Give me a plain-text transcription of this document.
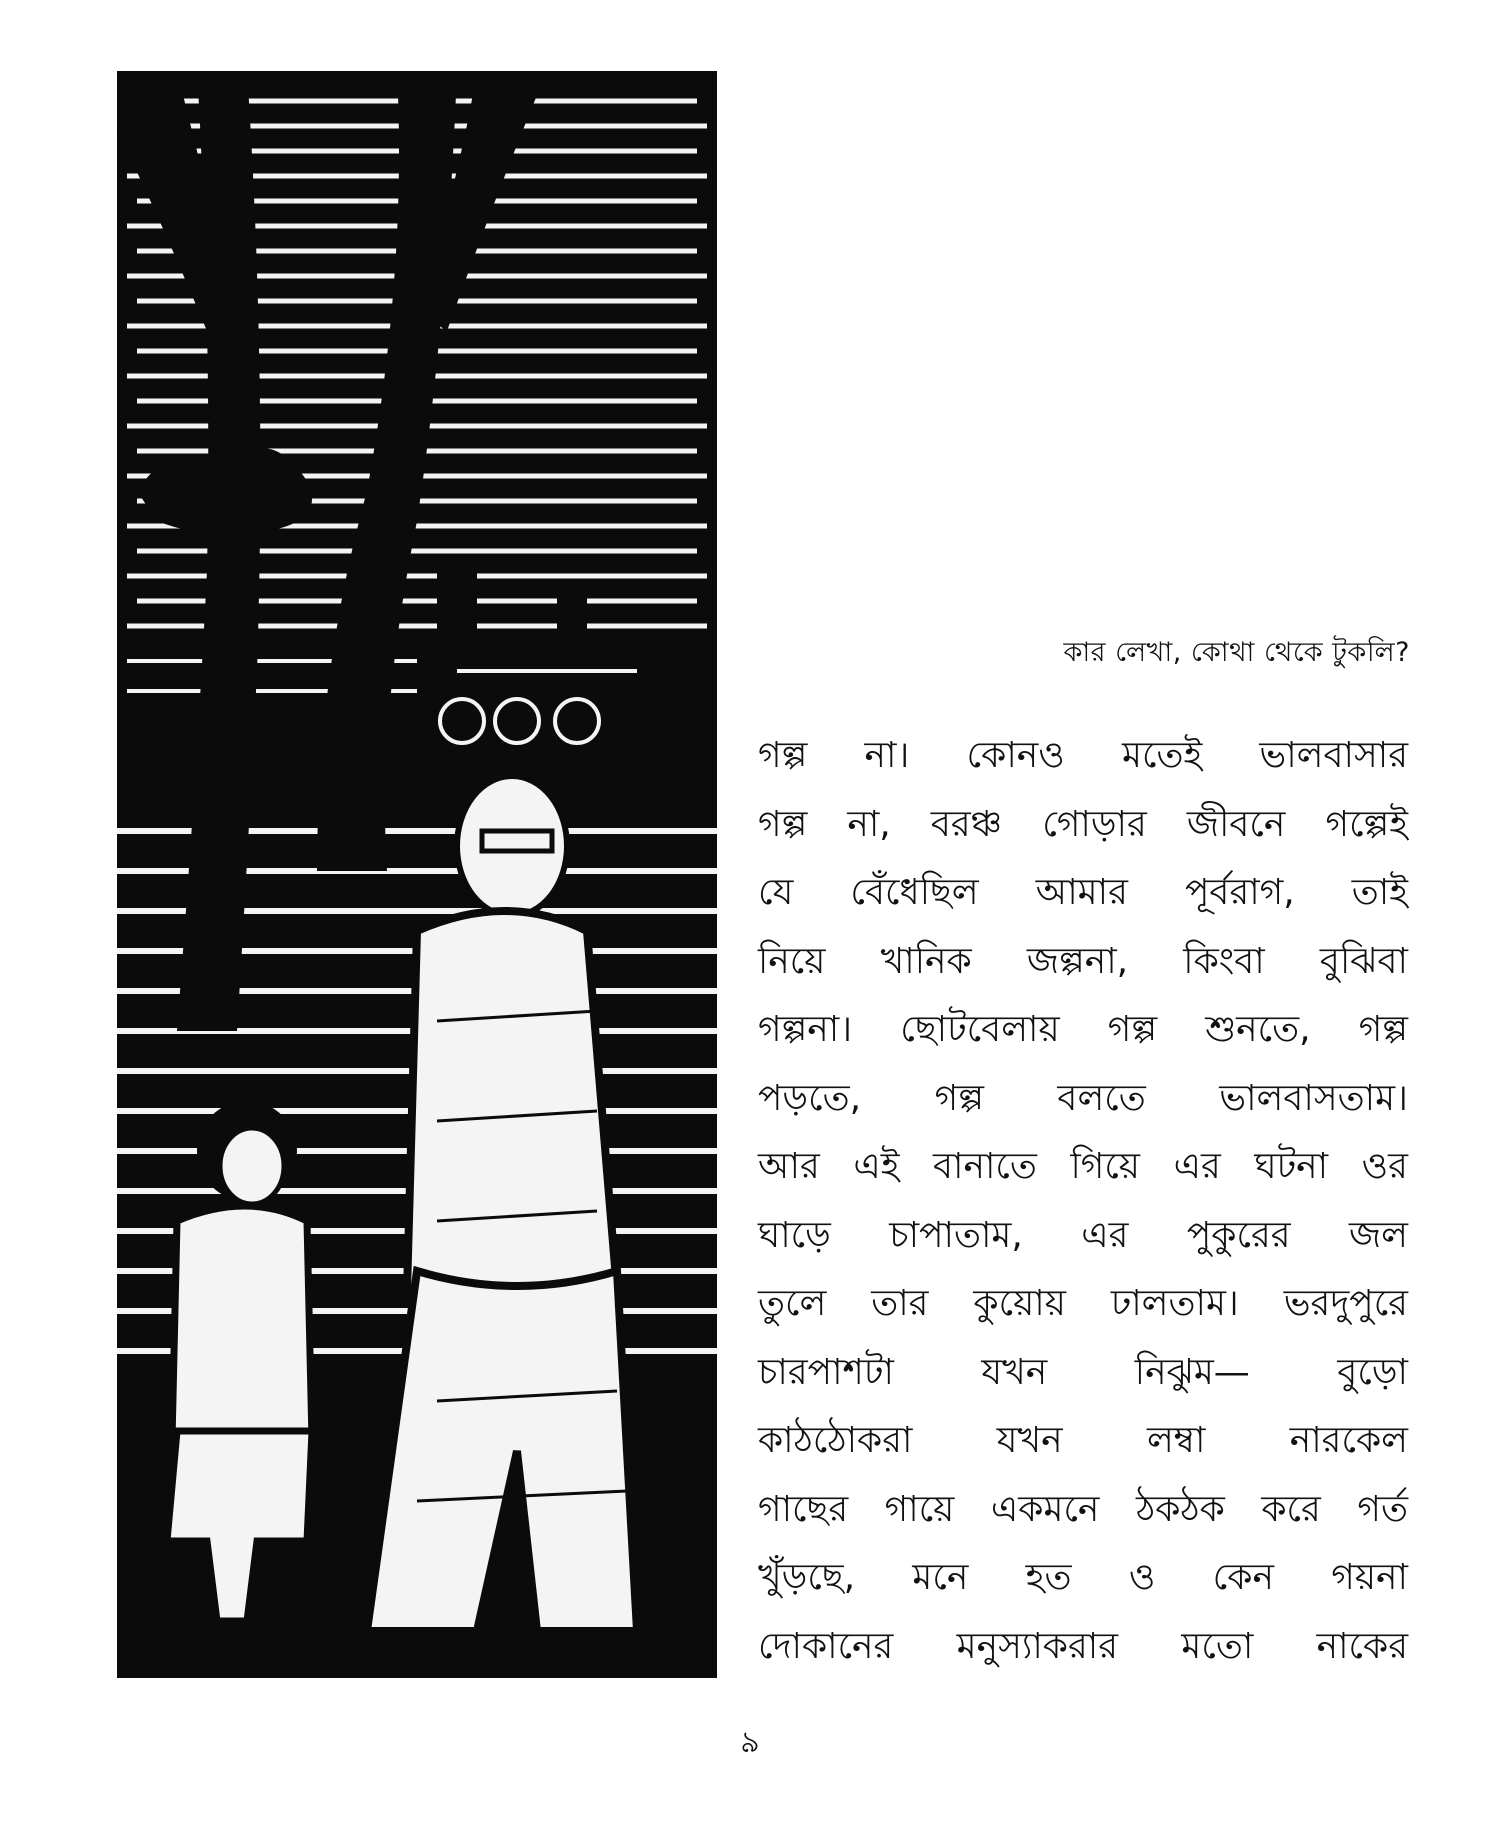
কার লেখা, কোথা থেকে টুকলি?
গল্প না। কোনও মতেই ভালবাসার
গল্প না, বরঞ্চ গোড়ার জীবনে গল্পেই
যে বেঁধেছিল আমার পূর্বরাগ, তাই
নিয়ে খানিক জল্পনা, কিংবা বুঝিবা
গল্পনা। ছোটবেলায় গল্প শুনতে, গল্প
পড়তে, গল্প বলতে ভালবাসতাম।
আর এই বানাতে গিয়ে এর ঘটনা ওর
ঘাড়ে চাপাতাম, এর পুকুরের জল
তুলে তার কুয়োয় ঢালতাম। ভরদুপুরে
চারপাশটা যখন নিঝুম— বুড়ো
কাঠঠোকরা যখন লম্বা নারকেল
গাছের গায়ে একমনে ঠকঠক করে গর্ত
খুঁড়ছে, মনে হত ও কেন গয়না
দোকানের মনুস্যাকরার মতো নাকের
৯
